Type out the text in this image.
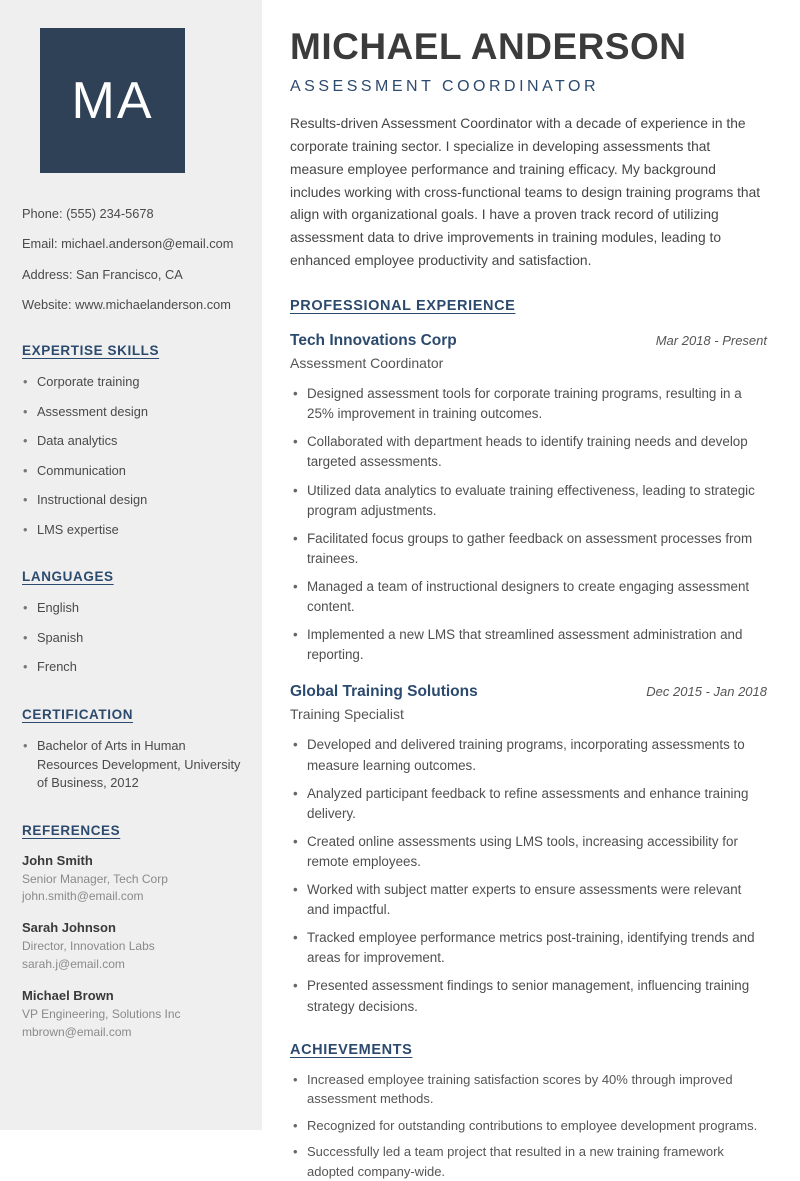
MA

Phone: (555) 234-5678

Email: michael.anderson@email.com

Address: San Francisco, CA

Website: www.michaelanderson.com

EXPERTISE SKILLS
• Corporate training
• Assessment design
• Data analytics
• Communication
• Instructional design
• LMS expertise
LANGUAGES
• English
• Spanish
• French
CERTIFICATION
• Bachelor of Arts in Human Resources Development, University of Business, 2012
REFERENCES
John Smith
Senior Manager, Tech Corp
john.smith@email.com
Sarah Johnson
Director, Innovation Labs
sarah.j@email.com
Michael Brown
VP Engineering, Solutions Inc
mbrown@email.com
MICHAEL ANDERSON
ASSESSMENT COORDINATOR

Results-driven Assessment Coordinator with a decade of experience in the corporate training sector. I specialize in developing assessments that measure employee performance and training efficacy. My background includes working with cross-functional teams to design training programs that align with organizational goals. I have a proven track record of utilizing assessment data to drive improvements in training modules, leading to enhanced employee productivity and satisfaction.

PROFESSIONAL EXPERIENCE
Tech Innovations Corp	Mar 2018 - Present
Assessment Coordinator
• Designed assessment tools for corporate training programs, resulting in a 25% improvement in training outcomes.
• Collaborated with department heads to identify training needs and develop targeted assessments.
• Utilized data analytics to evaluate training effectiveness, leading to strategic program adjustments.
• Facilitated focus groups to gather feedback on assessment processes from trainees.
• Managed a team of instructional designers to create engaging assessment content.
• Implemented a new LMS that streamlined assessment administration and reporting.
Global Training Solutions	Dec 2015 - Jan 2018
Training Specialist
• Developed and delivered training programs, incorporating assessments to measure learning outcomes.
• Analyzed participant feedback to refine assessments and enhance training delivery.
• Created online assessments using LMS tools, increasing accessibility for remote employees.
• Worked with subject matter experts to ensure assessments were relevant and impactful.
• Tracked employee performance metrics post-training, identifying trends and areas for improvement.
• Presented assessment findings to senior management, influencing training strategy decisions.
ACHIEVEMENTS
• Increased employee training satisfaction scores by 40% through improved assessment methods.
• Recognized for outstanding contributions to employee development programs.
• Successfully led a team project that resulted in a new training framework adopted company-wide.
